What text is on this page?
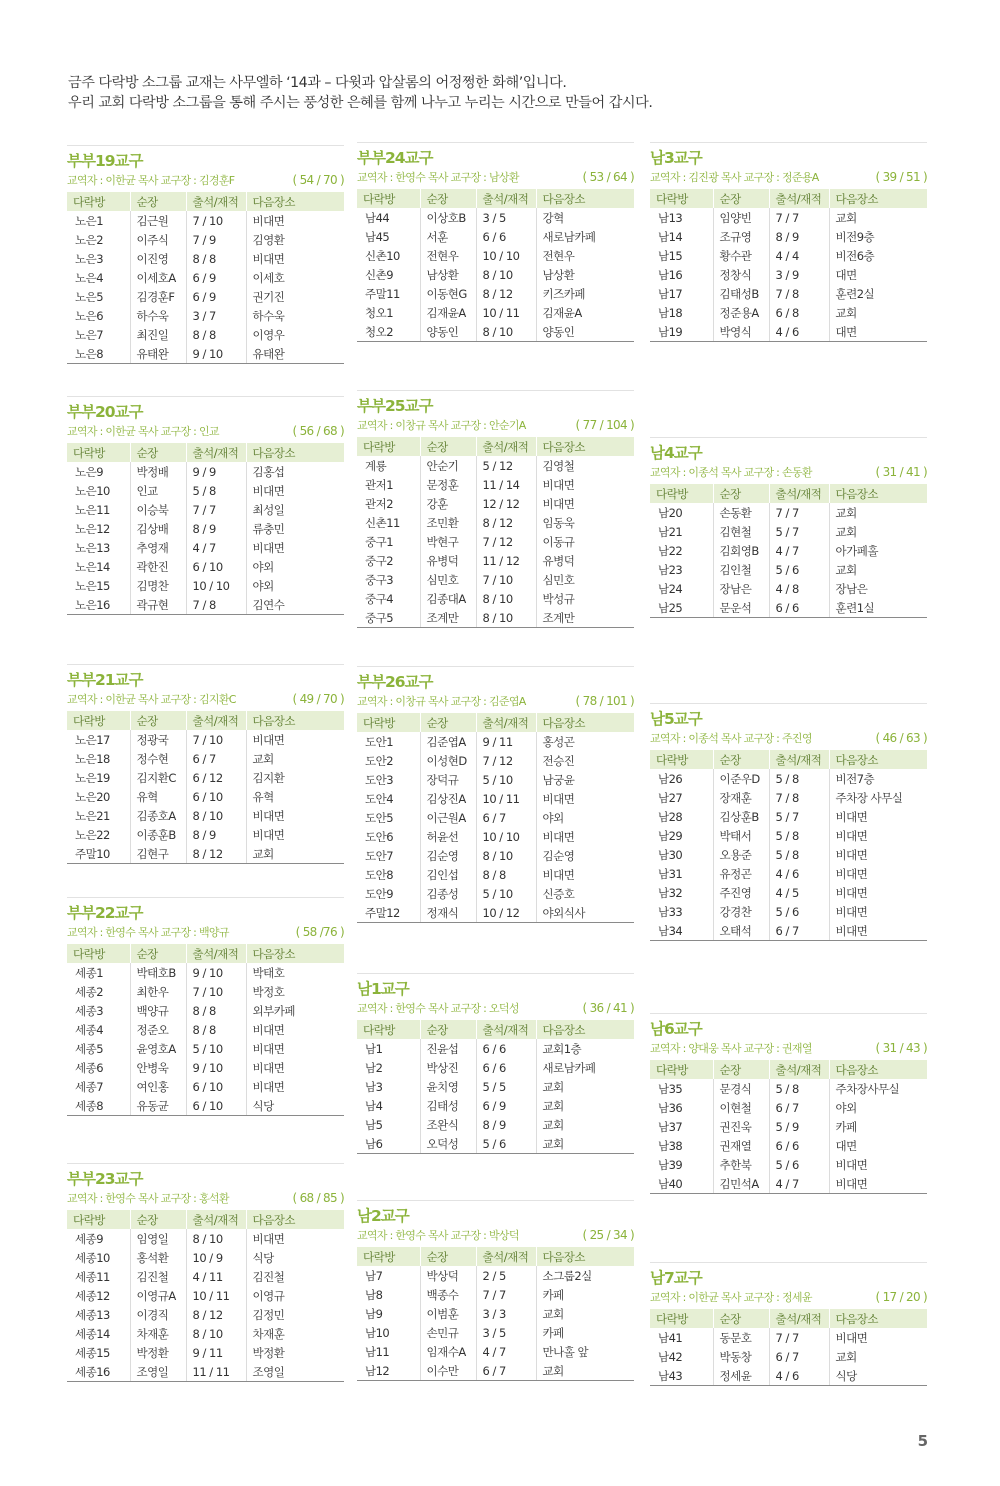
금주 다락방 소그룹 교재는 사무엘하 ‘14과 – 다윗과 압살롬의 어정쩡한 화해’입니다.
우리 교회 다락방 소그룹을 통해 주시는 풍성한 은혜를 함께 나누고 누리는 시간으로 만들어 갑시다.
부부19교구
교역자 : 이한균 목사 교구장 : 김경훈F	( 54 / 70 )
다락방	순장	출석/재적	다음장소
노은1	김근원	7 / 10	비대면
노은2	이주식	7 / 9	김영환
노은3	이진영	8 / 8	비대면
노은4	이세호A	6 / 9	이세호
노은5	김경훈F	6 / 9	권기진
노은6	하수욱	3 / 7	하수욱
노은7	최진일	8 / 8	이영우
노은8	유태완	9 / 10	유태완
부부20교구
교역자 : 이한균 목사 교구장 : 인교	( 56 / 68 )
다락방	순장	출석/재적	다음장소
노은9	박정배	9 / 9	김홍섭
노은10	인교	5 / 8	비대면
노은11	이승북	7 / 7	최성일
노은12	김상배	8 / 9	류충민
노은13	추영재	4 / 7	비대면
노은14	곽한진	6 / 10	야외
노은15	김명찬	10 / 10	야외
노은16	곽규현	7 / 8	김연수
부부21교구
교역자 : 이한균 목사 교구장 : 김지환C	( 49 / 70 )
다락방	순장	출석/재적	다음장소
노은17	정광국	7 / 10	비대면
노은18	정수현	6 / 7	교회
노은19	김지환C	6 / 12	김지환
노은20	유혁	6 / 10	유혁
노은21	김종호A	8 / 10	비대면
노은22	이종훈B	8 / 9	비대면
주말10	김현구	8 / 12	교회
부부22교구
교역자 : 한영수 목사 교구장 : 백양규	( 58 /76 )
다락방	순장	출석/재적	다음장소
세종1	박태호B	9 / 10	박태호
세종2	최한우	7 / 10	박정호
세종3	백양규	8 / 8	외부카페
세종4	정준오	8 / 8	비대면
세종5	윤영호A	5 / 10	비대면
세종6	안병욱	9 / 10	비대면
세종7	여인홍	6 / 10	비대면
세종8	유동균	6 / 10	식당
부부23교구
교역자 : 한영수 목사 교구장 : 홍석환	( 68 / 85 )
다락방	순장	출석/재적	다음장소
세종9	임영일	8 / 10	비대면
세종10	홍석환	10 / 9	식당
세종11	김진철	4 / 11	김진철
세종12	이영규A	10 / 11	이영규
세종13	이경직	8 / 12	김정민
세종14	차재훈	8 / 10	차재훈
세종15	박정환	9 / 11	박정환
세종16	조영일	11 / 11	조영일
부부24교구
교역자 : 한영수 목사 교구장 : 남상환	( 53 / 64 )
다락방	순장	출석/재적	다음장소
남44	이상호B	3 / 5	강혁
남45	서훈	6 / 6	새로남카페
신촌10	전현우	10 / 10	전현우
신촌9	남상환	8 / 10	남상환
주말11	이동현G	8 / 12	키즈카페
청오1	김재윤A	10 / 11	김재윤A
청오2	양동인	8 / 10	양동인
부부25교구
교역자 : 이창규 목사 교구장 : 안순기A	( 77 / 104 )
다락방	순장	출석/재적	다음장소
계룡	안순기	5 / 12	김영철
관저1	문정훈	11 / 14	비대면
관저2	강훈	12 / 12	비대면
신촌11	조민환	8 / 12	임동욱
중구1	박현구	7 / 12	이동규
중구2	유병덕	11 / 12	유병덕
중구3	심민호	7 / 10	심민호
중구4	김종대A	8 / 10	박성규
중구5	조계만	8 / 10	조계만
부부26교구
교역자 : 이창규 목사 교구장 : 김준엽A	( 78 / 101 )
다락방	순장	출석/재적	다음장소
도안1	김준엽A	9 / 11	홍성곤
도안2	이성현D	7 / 12	전승진
도안3	장덕규	5 / 10	남궁윤
도안4	김상진A	10 / 11	비대면
도안5	이근원A	6 / 7	야외
도안6	허윤선	10 / 10	비대면
도안7	김순영	8 / 10	김순영
도안8	김인섭	8 / 8	비대면
도안9	김종성	5 / 10	신증호
주말12	정재식	10 / 12	야외식사
남1교구
교역자 : 한영수 목사 교구장 : 오덕성	( 36 / 41 )
다락방	순장	출석/재적	다음장소
남1	진윤섭	6 / 6	교회1층
남2	박상진	6 / 6	새로남카페
남3	윤치영	5 / 5	교회
남4	김태성	6 / 9	교회
남5	조완식	8 / 9	교회
남6	오덕성	5 / 6	교회
남2교구
교역자 : 한영수 목사 교구장 : 박상덕	( 25 / 34 )
다락방	순장	출석/재적	다음장소
남7	박상덕	2 / 5	소그룹2실
남8	백종수	7 / 7	카페
남9	이범훈	3 / 3	교회
남10	손민규	3 / 5	카페
남11	임재수A	4 / 7	만나홀 앞
남12	이수만	6 / 7	교회
남3교구
교역자 : 김진광 목사 교구장 : 정준용A	( 39 / 51 )
다락방	순장	출석/재적	다음장소
남13	임양빈	7 / 7	교회
남14	조규영	8 / 9	비전9층
남15	황수관	4 / 4	비전6층
남16	정창식	3 / 9	대면
남17	김태성B	7 / 8	훈련2실
남18	정준용A	6 / 8	교회
남19	박영식	4 / 6	대면
남4교구
교역자 : 이종석 목사 교구장 : 손동환	( 31 / 41 )
다락방	순장	출석/재적	다음장소
남20	손동환	7 / 7	교회
남21	김현철	5 / 7	교회
남22	김회영B	4 / 7	아가페홀
남23	김인철	5 / 6	교회
남24	장남은	4 / 8	장남은
남25	문운석	6 / 6	훈련1실
남5교구
교역자 : 이종석 목사 교구장 : 주진영	( 46 / 63 )
다락방	순장	출석/재적	다음장소
남26	이준우D	5 / 8	비전7층
남27	장재훈	7 / 8	주차장 사무실
남28	김상훈B	5 / 7	비대면
남29	박태서	5 / 8	비대면
남30	오용준	5 / 8	비대면
남31	유정곤	4 / 6	비대면
남32	주진영	4 / 5	비대면
남33	강경찬	5 / 6	비대면
남34	오태석	6 / 7	비대면
남6교구
교역자 : 양대웅 목사 교구장 : 권재열	( 31 / 43 )
다락방	순장	출석/재적	다음장소
남35	문경식	5 / 8	주차장사무실
남36	이현철	6 / 7	야외
남37	권진욱	5 / 9	카페
남38	권재열	6 / 6	대면
남39	추한북	5 / 6	비대면
남40	김민석A	4 / 7	비대면
남7교구
교역자 : 이한균 목사 교구장 : 정세윤	( 17 / 20 )
다락방	순장	출석/재적	다음장소
남41	동문호	7 / 7	비대면
남42	박동창	6 / 7	교회
남43	정세윤	4 / 6	식당
5
